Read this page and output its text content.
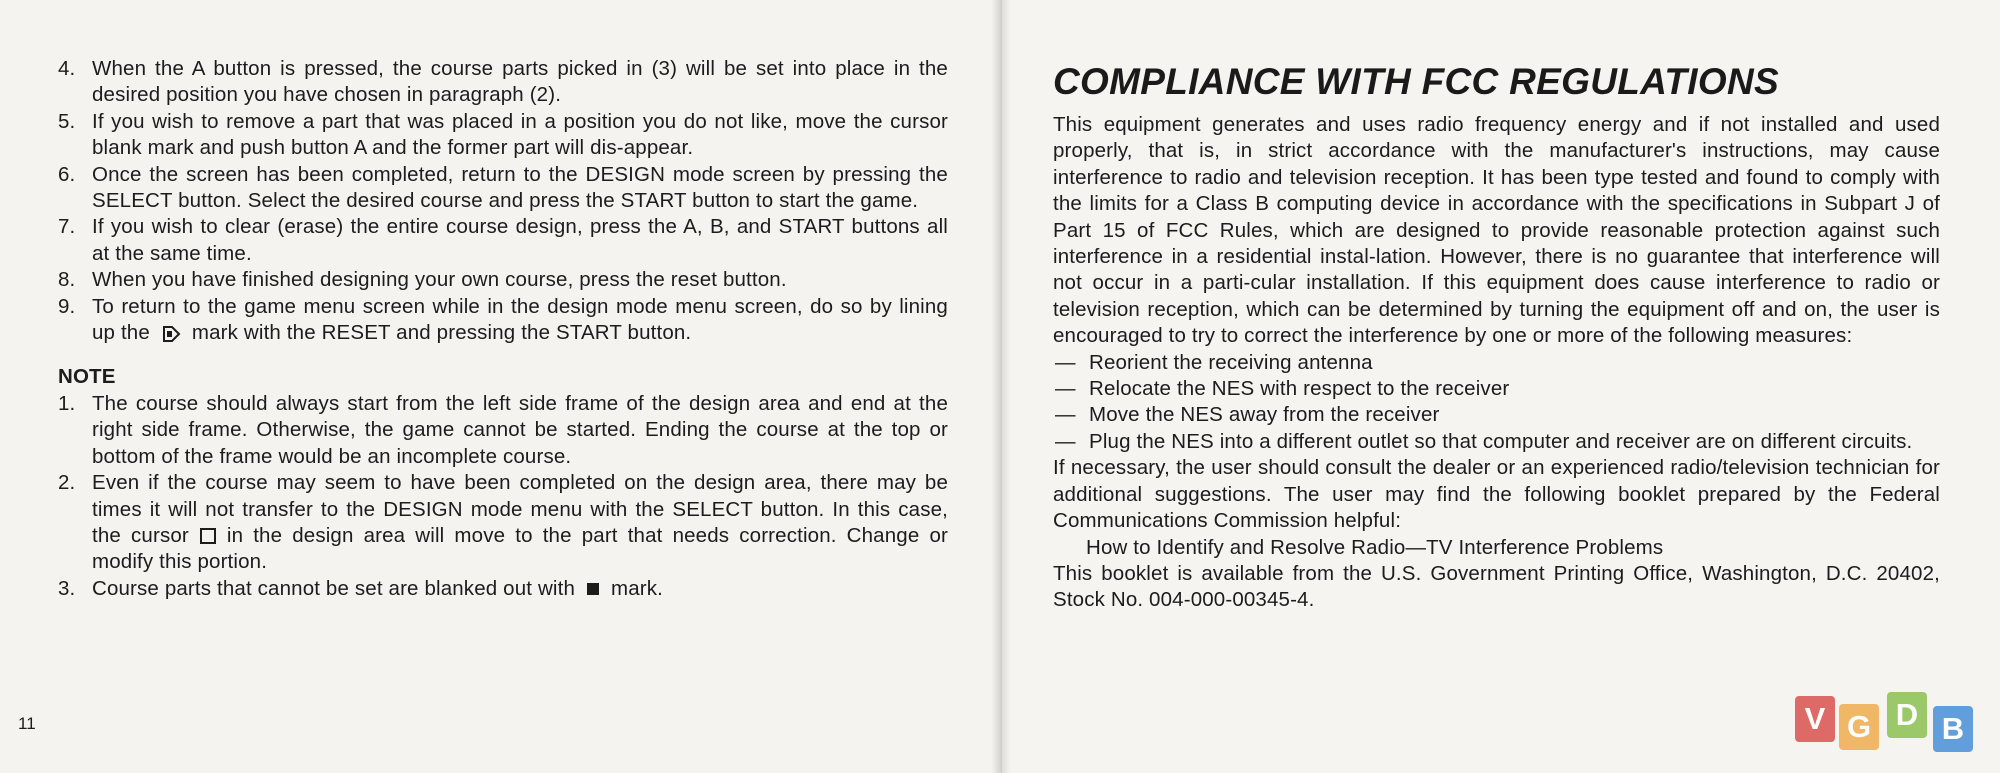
4. When the A button is pressed, the course parts picked in (3) will be set into place in the desired position you have chosen in paragraph (2).
5. If you wish to remove a part that was placed in a position you do not like, move the cursor blank mark and push button A and the former part will dis-appear.
6. Once the screen has been completed, return to the DESIGN mode screen by pressing the SELECT button. Select the desired course and press the START button to start the game.
7. If you wish to clear (erase) the entire course design, press the A, B, and START buttons all at the same time.
8. When you have finished designing your own course, press the reset button.
9. To return to the game menu screen while in the design mode menu screen, do so by lining up the mark with the RESET and pressing the START button.
NOTE
1. The course should always start from the left side frame of the design area and end at the right side frame. Otherwise, the game cannot be started. Ending the course at the top or bottom of the frame would be an incomplete course.
2. Even if the course may seem to have been completed on the design area, there may be times it will not transfer to the DESIGN mode menu with the SELECT button. In this case, the cursor in the design area will move to the part that needs correction. Change or modify this portion.
3. Course parts that cannot be set are blanked out with mark.
11
COMPLIANCE WITH FCC REGULATIONS

This equipment generates and uses radio frequency energy and if not installed and used properly, that is, in strict accordance with the manufacturer's instructions, may cause interference to radio and television reception. It has been type tested and found to comply with the limits for a Class B computing device in accordance with the specifications in Subpart J of Part 15 of FCC Rules, which are designed to provide reasonable protection against such interference in a residential instal-lation. However, there is no guarantee that interference will not occur in a parti-cular installation. If this equipment does cause interference to radio or television reception, which can be determined by turning the equipment off and on, the user is encouraged to try to correct the interference by one or more of the following measures:

— Reorient the receiving antenna
— Relocate the NES with respect to the receiver
— Move the NES away from the receiver
— Plug the NES into a different outlet so that computer and receiver are on different circuits.

If necessary, the user should consult the dealer or an experienced radio/television technician for additional suggestions. The user may find the following booklet prepared by the Federal Communications Commission helpful:

How to Identify and Resolve Radio—TV Interference Problems

This booklet is available from the U.S. Government Printing Office, Washington, D.C. 20402, Stock No. 004-000-00345-4.

V G D B
